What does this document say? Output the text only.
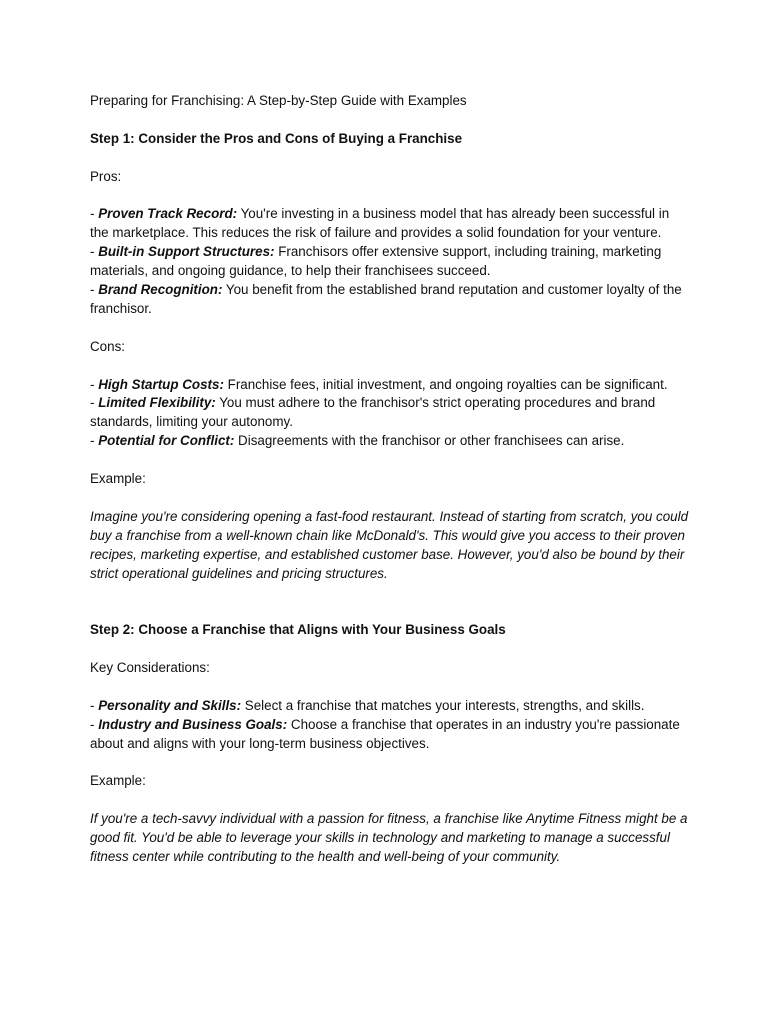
Preparing for Franchising: A Step-by-Step Guide with Examples

Step 1: Consider the Pros and Cons of Buying a Franchise

Pros:

- Proven Track Record: You're investing in a business model that has already been successful in the marketplace. This reduces the risk of failure and provides a solid foundation for your venture.

- Built-in Support Structures: Franchisors offer extensive support, including training, marketing materials, and ongoing guidance, to help their franchisees succeed.

- Brand Recognition: You benefit from the established brand reputation and customer loyalty of the franchisor.

Cons:

- High Startup Costs: Franchise fees, initial investment, and ongoing royalties can be significant.

- Limited Flexibility: You must adhere to the franchisor's strict operating procedures and brand standards, limiting your autonomy.

- Potential for Conflict: Disagreements with the franchisor or other franchisees can arise.

Example:

Imagine you're considering opening a fast-food restaurant. Instead of starting from scratch, you could buy a franchise from a well-known chain like McDonald's. This would give you access to their proven recipes, marketing expertise, and established customer base. However, you'd also be bound by their strict operational guidelines and pricing structures.

Step 2: Choose a Franchise that Aligns with Your Business Goals

Key Considerations:

- Personality and Skills: Select a franchise that matches your interests, strengths, and skills.

- Industry and Business Goals: Choose a franchise that operates in an industry you're passionate about and aligns with your long-term business objectives.

Example:

If you're a tech-savvy individual with a passion for fitness, a franchise like Anytime Fitness might be a good fit. You'd be able to leverage your skills in technology and marketing to manage a successful fitness center while contributing to the health and well-being of your community.
